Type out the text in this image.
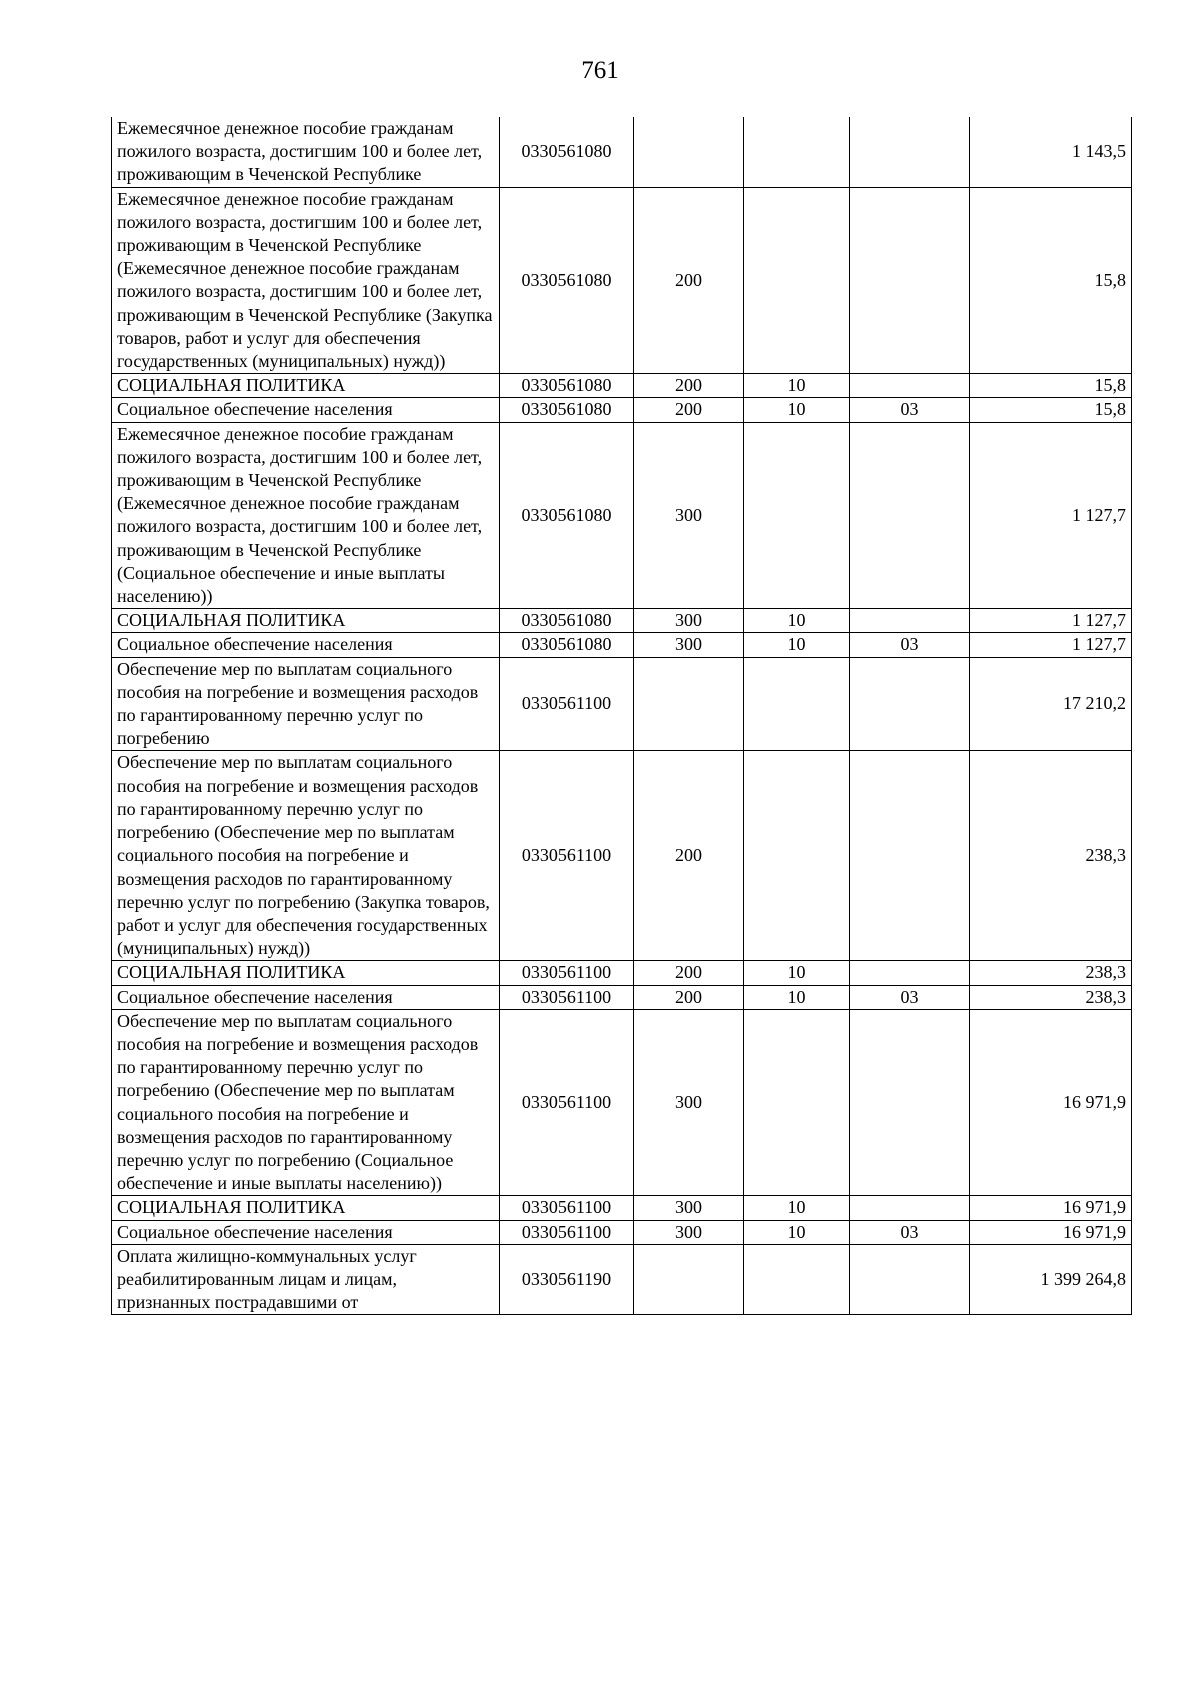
761
Ежемесячное денежное пособие гражданам пожилого возраста, достигшим 100 и более лет, проживающим в Чеченской Республике	0330561080				1 143,5
Ежемесячное денежное пособие гражданам пожилого возраста, достигшим 100 и более лет, проживающим в Чеченской Республике (Ежемесячное денежное пособие гражданам пожилого возраста, достигшим 100 и более лет, проживающим в Чеченской Республике (Закупка товаров, работ и услуг для обеспечения государственных (муниципальных) нужд))	0330561080	200			15,8
СОЦИАЛЬНАЯ ПОЛИТИКА	0330561080	200	10		15,8
Социальное обеспечение населения	0330561080	200	10	03	15,8
Ежемесячное денежное пособие гражданам пожилого возраста, достигшим 100 и более лет, проживающим в Чеченской Республике (Ежемесячное денежное пособие гражданам пожилого возраста, достигшим 100 и более лет, проживающим в Чеченской Республике (Социальное обеспечение и иные выплаты населению))	0330561080	300			1 127,7
СОЦИАЛЬНАЯ ПОЛИТИКА	0330561080	300	10		1 127,7
Социальное обеспечение населения	0330561080	300	10	03	1 127,7
Обеспечение мер по выплатам социального пособия на погребение и возмещения расходов по гарантированному перечню услуг по погребению	0330561100				17 210,2
Обеспечение мер по выплатам социального пособия на погребение и возмещения расходов по гарантированному перечню услуг по погребению (Обеспечение мер по выплатам социального пособия на погребение и возмещения расходов по гарантированному перечню услуг по погребению (Закупка товаров, работ и услуг для обеспечения государственных (муниципальных) нужд))	0330561100	200			238,3
СОЦИАЛЬНАЯ ПОЛИТИКА	0330561100	200	10		238,3
Социальное обеспечение населения	0330561100	200	10	03	238,3
Обеспечение мер по выплатам социального пособия на погребение и возмещения расходов по гарантированному перечню услуг по погребению (Обеспечение мер по выплатам социального пособия на погребение и возмещения расходов по гарантированному перечню услуг по погребению (Социальное обеспечение и иные выплаты населению))	0330561100	300			16 971,9
СОЦИАЛЬНАЯ ПОЛИТИКА	0330561100	300	10		16 971,9
Социальное обеспечение населения	0330561100	300	10	03	16 971,9
Оплата жилищно-коммунальных услуг реабилитированным лицам и лицам, признанных пострадавшими от	0330561190				1 399 264,8
